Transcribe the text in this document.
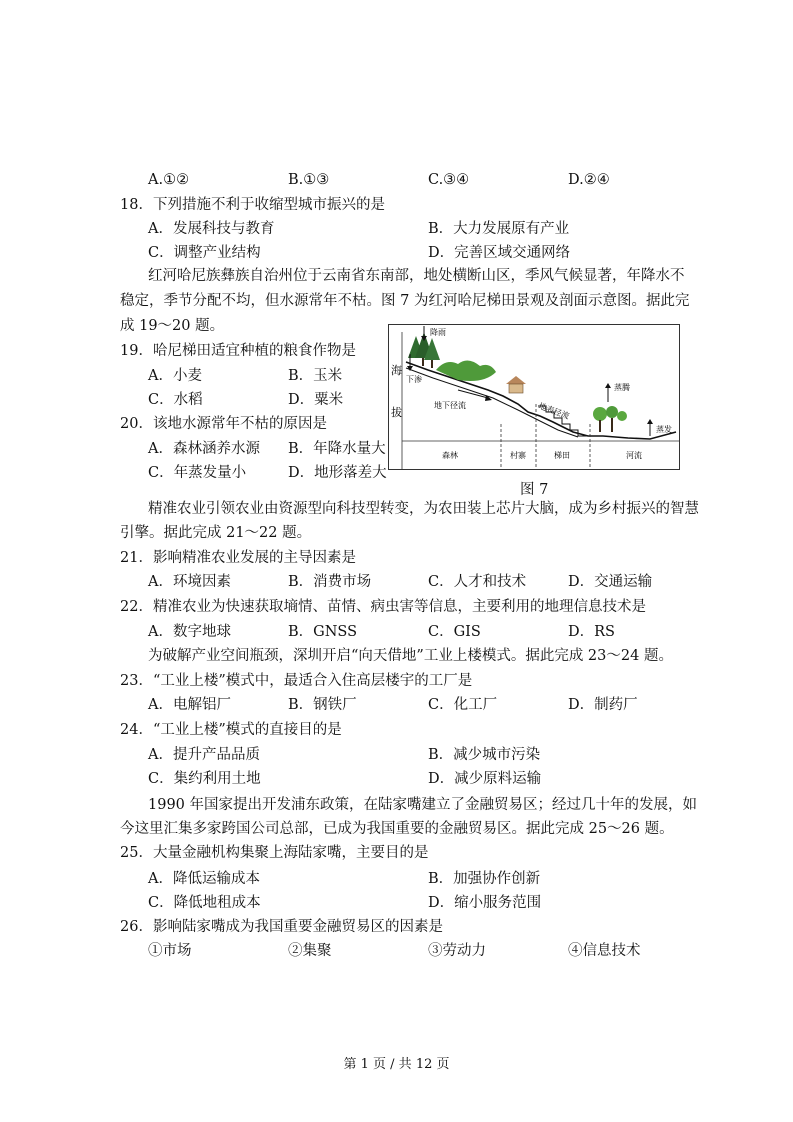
A.①②	B.①③	C.③④	D.②④
18．下列措施不利于收缩型城市振兴的是
A．发展科技与教育	B．大力发展原有产业
C．调整产业结构	D．完善区域交通网络
红河哈尼族彝族自治州位于云南省东南部，地处横断山区，季风气候显著，年降水不
稳定，季节分配不均，但水源常年不枯。图 7 为红河哈尼梯田景观及剖面示意图。据此完
成 19～20 题。
19．哈尼梯田适宜种植的粮食作物是
A．小麦	B．玉米
C．水稻	D．粟米
20．该地水源常年不枯的原因是
A．森林涵养水源 B．年降水量大
C．年蒸发量小	D．地形落差大
海
拔
降雨
下渗
地下径流	地表径流
蒸腾
蒸发
森林	村寨	梯田	河流
图 7
精准农业引领农业由资源型向科技型转变，为农田装上芯片大脑，成为乡村振兴的智慧
引擎。据此完成 21～22 题。
21．影响精准农业发展的主导因素是
A．环境因素	B．消费市场	C．人才和技术	D．交通运输
22．精准农业为快速获取墒情、苗情、病虫害等信息，主要利用的地理信息技术是
A．数字地球	B．GNSS	C．GIS	D．RS
为破解产业空间瓶颈，深圳开启“向天借地”工业上楼模式。据此完成 23～24 题。
23．“工业上楼”模式中，最适合入住高层楼宇的工厂是
A．电解铝厂	B．钢铁厂	C．化工厂	D．制药厂
24．“工业上楼”模式的直接目的是
A．提升产品品质	B．减少城市污染
C．集约利用土地	D．减少原料运输
1990 年国家提出开发浦东政策，在陆家嘴建立了金融贸易区；经过几十年的发展，如
今这里汇集多家跨国公司总部，已成为我国重要的金融贸易区。据此完成 25～26 题。
25．大量金融机构集聚上海陆家嘴，主要目的是
A．降低运输成本	B．加强协作创新
C．降低地租成本	D．缩小服务范围
26．影响陆家嘴成为我国重要金融贸易区的因素是
①市场	②集聚	③劳动力	④信息技术
第 1 页 / 共 12 页
